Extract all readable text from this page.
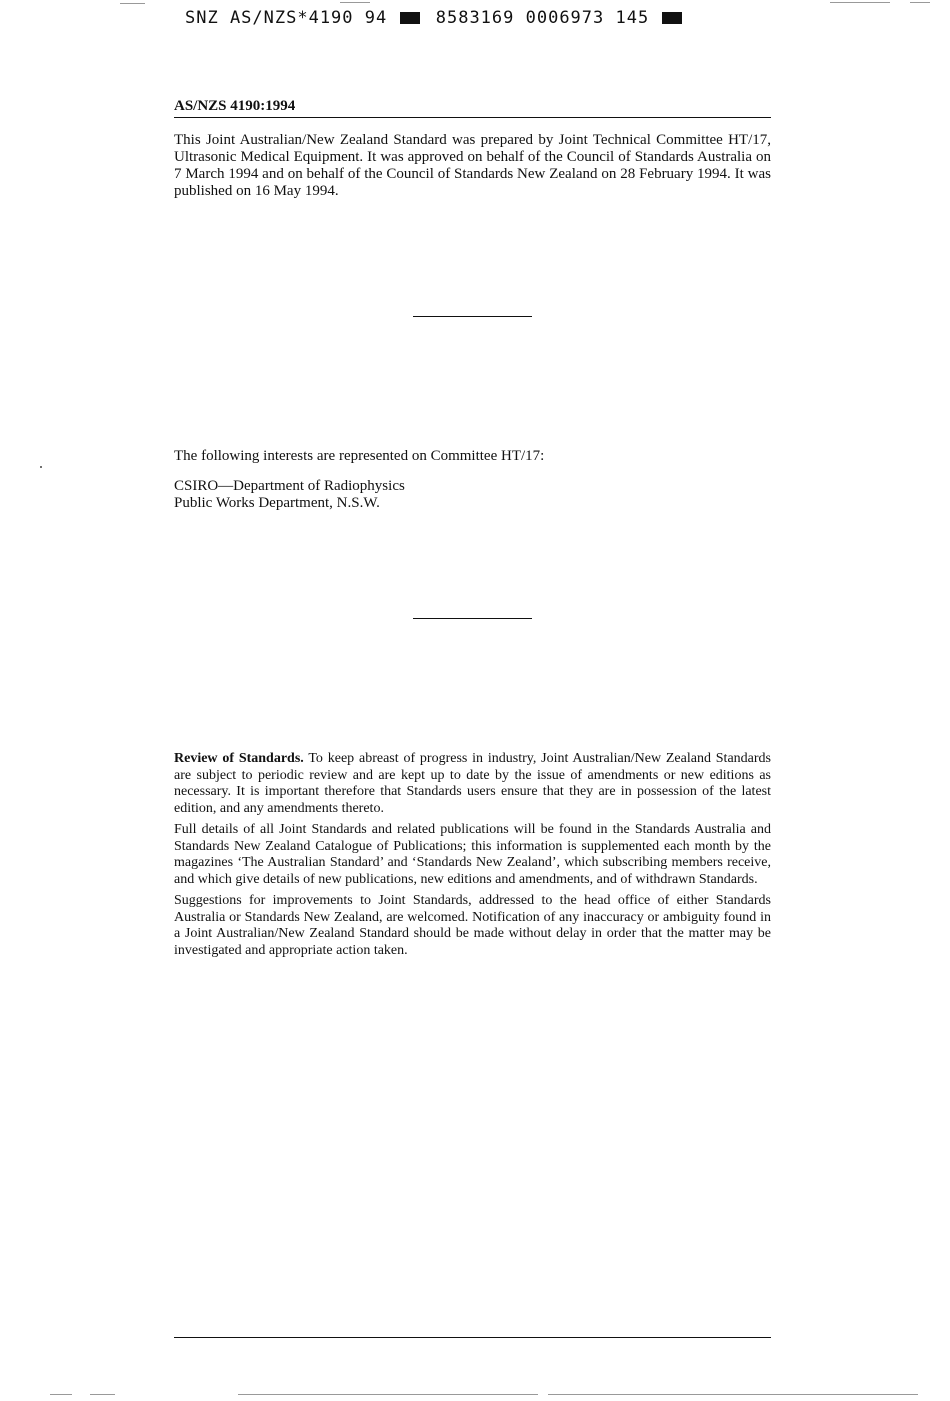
SNZ AS/NZS*4190 94	8583169 0006973 145
AS/NZS 4190:1994
This Joint Australian/New Zealand Standard was prepared by Joint Technical Committee HT/17, Ultrasonic Medical Equipment. It was approved on behalf of the Council of Standards Australia on 7 March 1994 and on behalf of the Council of Standards New Zealand on 28 February 1994. It was published on 16 May 1994.
The following interests are represented on Committee HT/17:
CSIRO—Department of Radiophysics
Public Works Department, N.S.W.

Review of Standards. To keep abreast of progress in industry, Joint Australian/New Zealand Standards are subject to periodic review and are kept up to date by the issue of amendments or new editions as necessary. It is important therefore that Standards users ensure that they are in possession of the latest edition, and any amendments thereto.

Full details of all Joint Standards and related publications will be found in the Standards Australia and Standards New Zealand Catalogue of Publications; this information is supplemented each month by the magazines ‘The Australian Standard’ and ‘Standards New Zealand’, which subscribing members receive, and which give details of new publications, new editions and amendments, and of withdrawn Standards.

Suggestions for improvements to Joint Standards, addressed to the head office of either Standards Australia or Standards New Zealand, are welcomed. Notification of any inaccuracy or ambiguity found in a Joint Australian/New Zealand Standard should be made without delay in order that the matter may be investigated and appropriate action taken.
